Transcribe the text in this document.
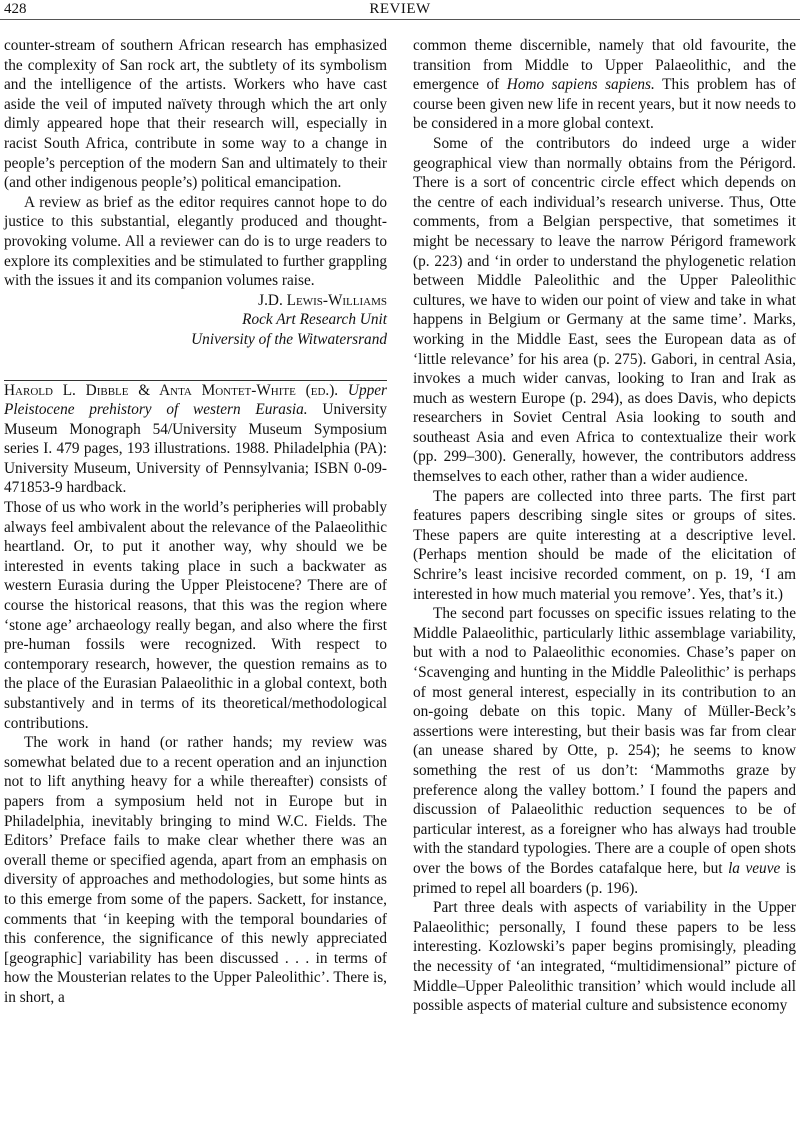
428	REVIEW

counter-stream of southern African research has emphasized the complexity of San rock art, the subtlety of its symbolism and the intelligence of the artists. Workers who have cast aside the veil of imputed naïvety through which the art only dimly appeared hope that their research will, especially in racist South Africa, contribute in some way to a change in people’s perception of the modern San and ultimately to their (and other indigenous people’s) political emancipation.

A review as brief as the editor requires cannot hope to do justice to this substantial, elegantly produced and thought-provoking volume. All a reviewer can do is to urge readers to explore its complexities and be stimulated to further grappling with the issues it and its companion volumes raise.

J.D. Lewis-Williams
Rock Art Research Unit
University of the Witwatersrand

Harold L. Dibble & Anta Montet-White (ed.). Upper Pleistocene prehistory of western Eurasia. University Museum Monograph 54/University Museum Symposium series I. 479 pages, 193 illustrations. 1988. Philadelphia (PA): University Museum, University of Pennsylvania; ISBN 0-09-471853-9 hardback.

Those of us who work in the world’s peripheries will probably always feel ambivalent about the relevance of the Palaeolithic heartland. Or, to put it another way, why should we be interested in events taking place in such a backwater as western Eurasia during the Upper Pleistocene? There are of course the historical reasons, that this was the region where ‘stone age’ archaeology really began, and also where the first pre-human fossils were recognized. With respect to contemporary research, however, the question remains as to the place of the Eurasian Palaeolithic in a global context, both substantively and in terms of its theoretical/methodological contributions.

The work in hand (or rather hands; my review was somewhat belated due to a recent operation and an injunction not to lift anything heavy for a while thereafter) consists of papers from a symposium held not in Europe but in Philadelphia, inevitably bringing to mind W.C. Fields. The Editors’ Preface fails to make clear whether there was an overall theme or specified agenda, apart from an emphasis on diversity of approaches and methodologies, but some hints as to this emerge from some of the papers. Sackett, for instance, comments that ‘in keeping with the temporal boundaries of this conference, the significance of this newly appreciated [geographic] variability has been discussed . . . in terms of how the Mousterian relates to the Upper Paleolithic’. There is, in short, a

common theme discernible, namely that old favourite, the transition from Middle to Upper Palaeolithic, and the emergence of Homo sapiens sapiens. This problem has of course been given new life in recent years, but it now needs to be considered in a more global context.

Some of the contributors do indeed urge a wider geographical view than normally obtains from the Périgord. There is a sort of concentric circle effect which depends on the centre of each individual’s research universe. Thus, Otte comments, from a Belgian perspective, that sometimes it might be necessary to leave the narrow Périgord framework (p. 223) and ‘in order to understand the phylogenetic relation between Middle Paleolithic and the Upper Paleolithic cultures, we have to widen our point of view and take in what happens in Belgium or Germany at the same time’. Marks, working in the Middle East, sees the European data as of ‘little relevance’ for his area (p. 275). Gabori, in central Asia, invokes a much wider canvas, looking to Iran and Irak as much as western Europe (p. 294), as does Davis, who depicts researchers in Soviet Central Asia looking to south and southeast Asia and even Africa to contextualize their work (pp. 299–300). Generally, however, the contributors address themselves to each other, rather than a wider audience.

The papers are collected into three parts. The first part features papers describing single sites or groups of sites. These papers are quite interesting at a descriptive level. (Perhaps mention should be made of the elicitation of Schrire’s least incisive recorded comment, on p. 19, ‘I am interested in how much material you remove’. Yes, that’s it.)

The second part focusses on specific issues relating to the Middle Palaeolithic, particularly lithic assemblage variability, but with a nod to Palaeolithic economies. Chase’s paper on ‘Scavenging and hunting in the Middle Paleolithic’ is perhaps of most general interest, especially in its contribution to an on-going debate on this topic. Many of Müller-Beck’s assertions were interesting, but their basis was far from clear (an unease shared by Otte, p. 254); he seems to know something the rest of us don’t: ‘Mammoths graze by preference along the valley bottom.’ I found the papers and discussion of Palaeolithic reduction sequences to be of particular interest, as a foreigner who has always had trouble with the standard typologies. There are a couple of open shots over the bows of the Bordes catafalque here, but la veuve is primed to repel all boarders (p. 196).

Part three deals with aspects of variability in the Upper Palaeolithic; personally, I found these papers to be less interesting. Kozlowski’s paper begins promisingly, pleading the necessity of ‘an integrated, “multidimensional” picture of Middle–Upper Paleolithic transition’ which would include all possible aspects of material culture and subsistence economy
